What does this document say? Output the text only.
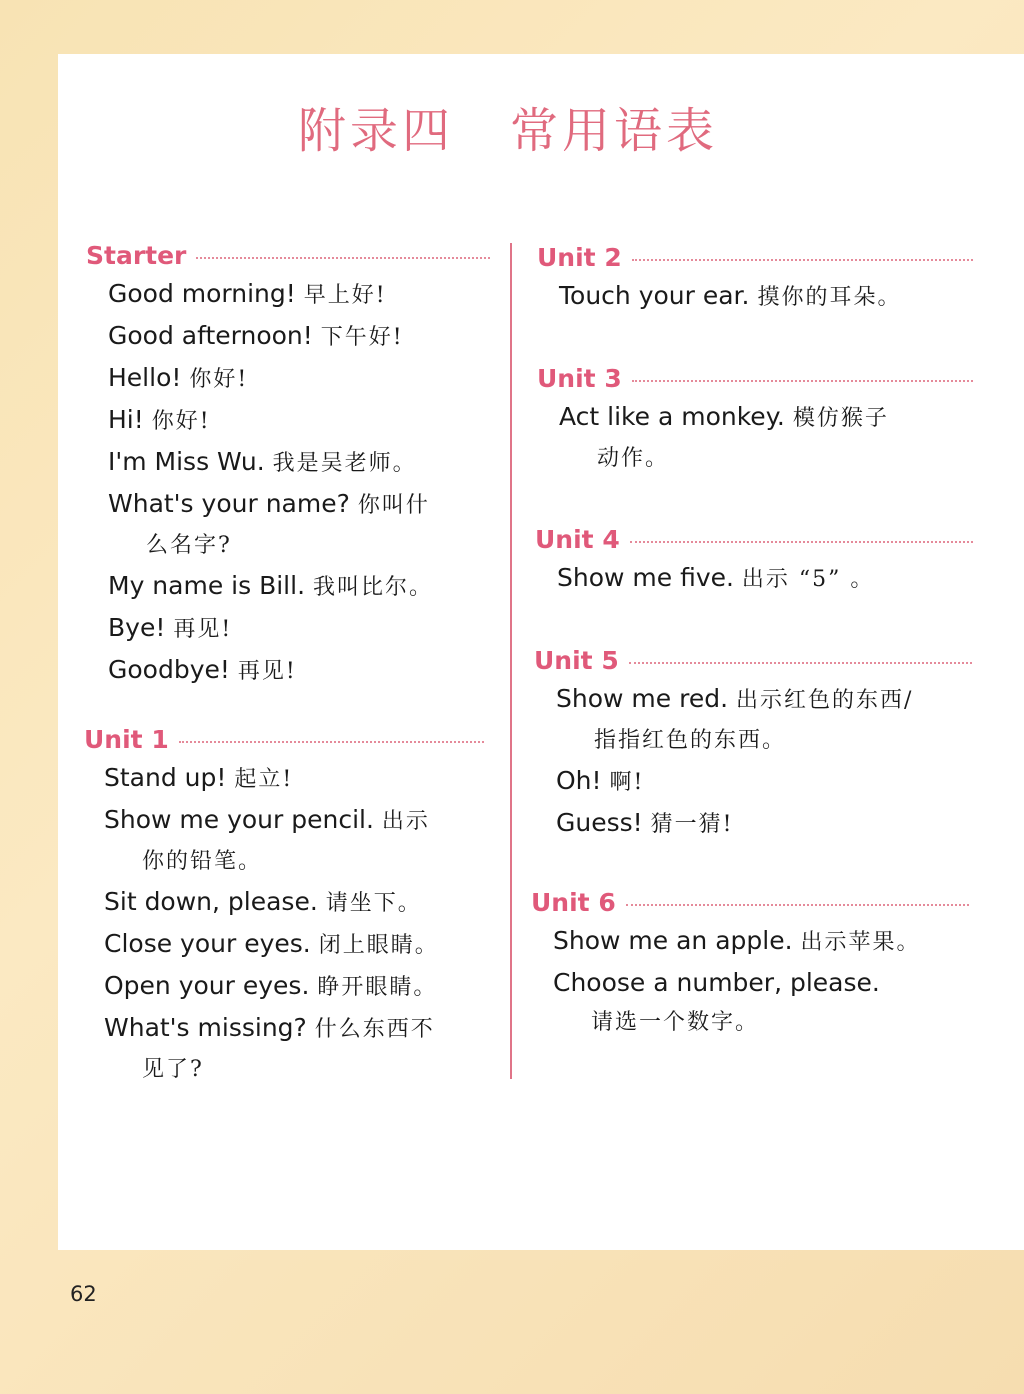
附录四 常用语表
Starter
Good morning! 早上好!
Good afternoon! 下午好!
Hello! 你好!
Hi! 你好!
I'm Miss Wu. 我是吴老师。
What's your name? 你叫什
么名字?
My name is Bill. 我叫比尔。
Bye! 再见!
Goodbye! 再见!
Unit 1
Stand up! 起立!
Show me your pencil. 出示
你的铅笔。
Sit down, please. 请坐下。
Close your eyes. 闭上眼睛。
Open your eyes. 睁开眼睛。
What's missing? 什么东西不
见了?
Unit 2
Touch your ear. 摸你的耳朵。
Unit 3
Act like a monkey. 模仿猴子
动作。
Unit 4
Show me five. 出示 “5” 。
Unit 5
Show me red. 出示红色的东西/
指指红色的东西。
Oh! 啊!
Guess! 猜一猜!
Unit 6
Show me an apple. 出示苹果。
Choose a number, please.
请选一个数字。
62
